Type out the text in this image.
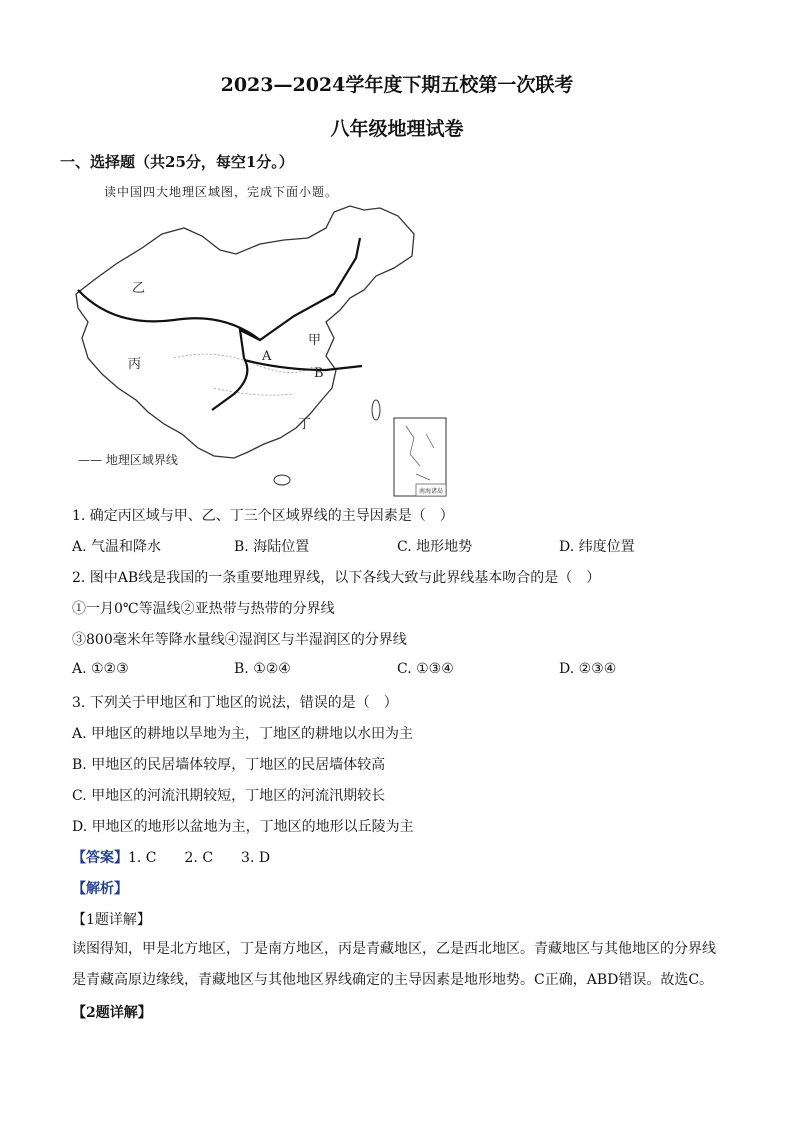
2023—2024学年度下期五校第一次联考
八年级地理试卷
一、选择题（共25分，每空1分。）
读中国四大地理区域图，完成下面小题。
南海诸岛
乙
丙
甲
丁
A
B
—— 地理区域界线
1. 确定丙区域与甲、乙、丁三个区域界线的主导因素是（　）
A. 气温和降水	B. 海陆位置	C. 地形地势	D. 纬度位置
2. 图中AB线是我国的一条重要地理界线，以下各线大致与此界线基本吻合的是（　）
①一月0℃等温线②亚热带与热带的分界线
③800毫米年等降水量线④湿润区与半湿润区的分界线
A. ①②③	B. ①②④	C. ①③④	D. ②③④
3. 下列关于甲地区和丁地区的说法，错误的是（　）
A. 甲地区的耕地以旱地为主，丁地区的耕地以水田为主
B. 甲地区的民居墙体较厚，丁地区的民居墙体较高
C. 甲地区的河流汛期较短，丁地区的河流汛期较长
D. 甲地区的地形以盆地为主，丁地区的地形以丘陵为主
【答案】1. C　　2. C　　3. D
【解析】
【1题详解】
读图得知，甲是北方地区，丁是南方地区，丙是青藏地区，乙是西北地区。青藏地区与其他地区的分界线是青藏高原边缘线，青藏地区与其他地区界线确定的主导因素是地形地势。C正确，ABD错误。故选C。
【2题详解】
